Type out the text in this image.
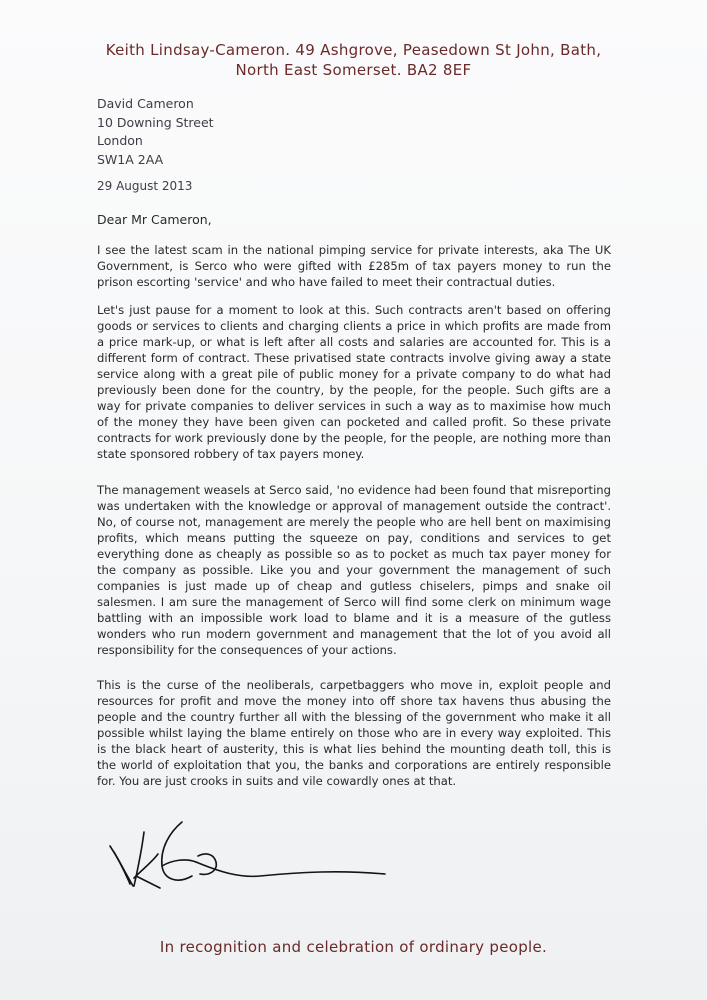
Keith Lindsay-Cameron. 49 Ashgrove, Peasedown St John, Bath,
North East Somerset. BA2 8EF
David Cameron
10 Downing Street
London
SW1A 2AA
29 August 2013
Dear Mr Cameron,
I see the latest scam in the national pimping service for private interests, aka The UK Government, is Serco who were gifted with £285m of tax payers money to run the prison escorting 'service' and who have failed to meet their contractual duties.
Let's just pause for a moment to look at this. Such contracts aren't based on offering goods or services to clients and charging clients a price in which profits are made from a price mark-up, or what is left after all costs and salaries are accounted for. This is a different form of contract. These privatised state contracts involve giving away a state service along with a great pile of public money for a private company to do what had previously been done for the country, by the people, for the people. Such gifts are a way for private companies to deliver services in such a way as to maximise how much of the money they have been given can pocketed and called profit. So these private contracts for work previously done by the people, for the people, are nothing more than state sponsored robbery of tax payers money.
The management weasels at Serco said, 'no evidence had been found that misreporting was undertaken with the knowledge or approval of management outside the contract'. No, of course not, management are merely the people who are hell bent on maximising profits, which means putting the squeeze on pay, conditions and services to get everything done as cheaply as possible so as to pocket as much tax payer money for the company as possible. Like you and your government the management of such companies is just made up of cheap and gutless chiselers, pimps and snake oil salesmen. I am sure the management of Serco will find some clerk on minimum wage battling with an impossible work load to blame and it is a measure of the gutless wonders who run modern government and management that the lot of you avoid all responsibility for the consequences of your actions.
This is the curse of the neoliberals, carpetbaggers who move in, exploit people and resources for profit and move the money into off shore tax havens thus abusing the people and the country further all with the blessing of the government who make it all possible whilst laying the blame entirely on those who are in every way exploited. This is the black heart of austerity, this is what lies behind the mounting death toll, this is the world of exploitation that you, the banks and corporations are entirely responsible for. You are just crooks in suits and vile cowardly ones at that.
In recognition and celebration of ordinary people.
